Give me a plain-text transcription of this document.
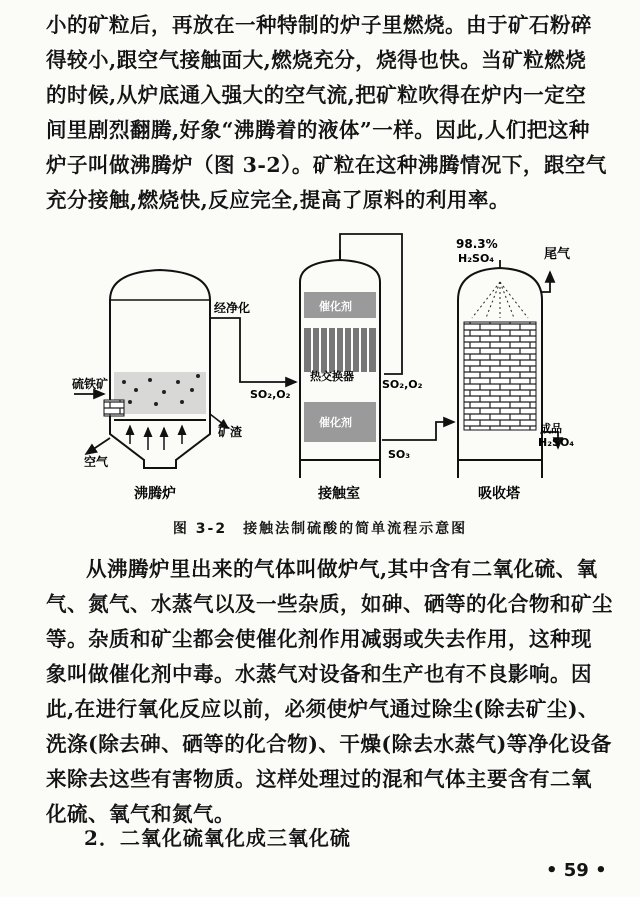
小的矿粒后，再放在一种特制的炉子里燃烧。由于矿石粉碎
得较小,跟空气接触面大,燃烧充分，烧得也快。当矿粒燃烧
的时候,从炉底通入强大的空气流,把矿粒吹得在炉内一定空
间里剧烈翻腾,好象“沸腾着的液体”一样。因此,人们把这种
炉子叫做沸腾炉（图 3-2）。矿粒在这种沸腾情况下，跟空气
充分接触,燃烧快,反应完全,提高了原料的利用率。
硫铁矿
空气
经净化
矿渣
SO₂,O₂
催化剂
热交换器
催化剂
SO₂,O₂
SO₃
98.3%
H₂SO₄	尾气
成品
H₂SO₄
沸腾炉	接触室	吸收塔
图 3-2　接触法制硫酸的简单流程示意图
从沸腾炉里出来的气体叫做炉气,其中含有二氧化硫、氧
气、氮气、水蒸气以及一些杂质，如砷、硒等的化合物和矿尘
等。杂质和矿尘都会使催化剂作用减弱或失去作用，这种现
象叫做催化剂中毒。水蒸气对设备和生产也有不良影响。因
此,在进行氧化反应以前，必须使炉气通过除尘(除去矿尘)、
洗涤(除去砷、硒等的化合物)、干燥(除去水蒸气)等净化设备
来除去这些有害物质。这样处理过的混和气体主要含有二氧
化硫、氧气和氮气。
2．二氧化硫氧化成三氧化硫
• 59 •
